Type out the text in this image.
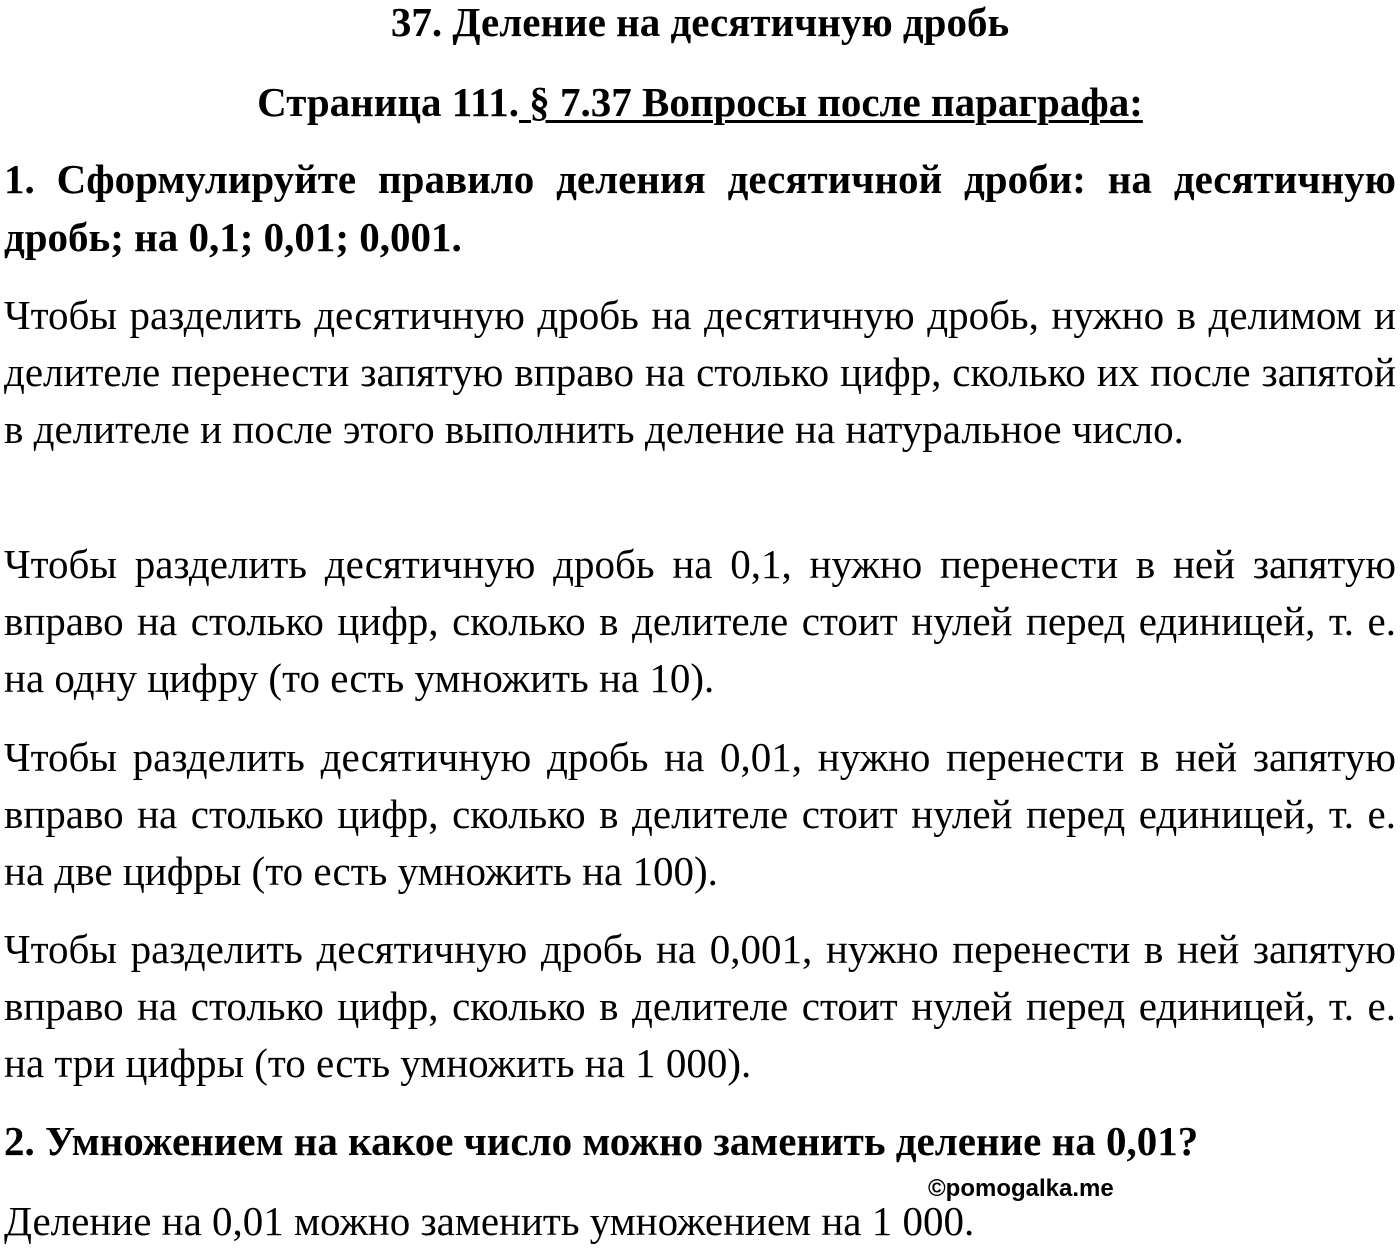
37. Деление на десятичную дробь
Страница 111. § 7.37 Вопросы после параграфа:
1. Сформулируйте правило деления десятичной дроби: на десятичную дробь; на 0,1; 0,01; 0,001.
Чтобы разделить десятичную дробь на десятичную дробь, нужно в делимом и делителе перенести запятую вправо на столько цифр, сколько их после запятой в делителе и после этого выполнить деление на натуральное число.
Чтобы разделить десятичную дробь на 0,1, нужно перенести в ней запятую вправо на столько цифр, сколько в делителе стоит нулей перед единицей, т. е. на одну цифру (то есть умножить на 10).
Чтобы разделить десятичную дробь на 0,01, нужно перенести в ней запятую вправо на столько цифр, сколько в делителе стоит нулей перед единицей, т. е. на две цифры (то есть умножить на 100).
Чтобы разделить десятичную дробь на 0,001, нужно перенести в ней запятую вправо на столько цифр, сколько в делителе стоит нулей перед единицей, т. е. на три цифры (то есть умножить на 1 000).
2. Умножением на какое число можно заменить деление на 0,01?
©pomogalka.me
Деление на 0,01 можно заменить умножением на 1 000.
